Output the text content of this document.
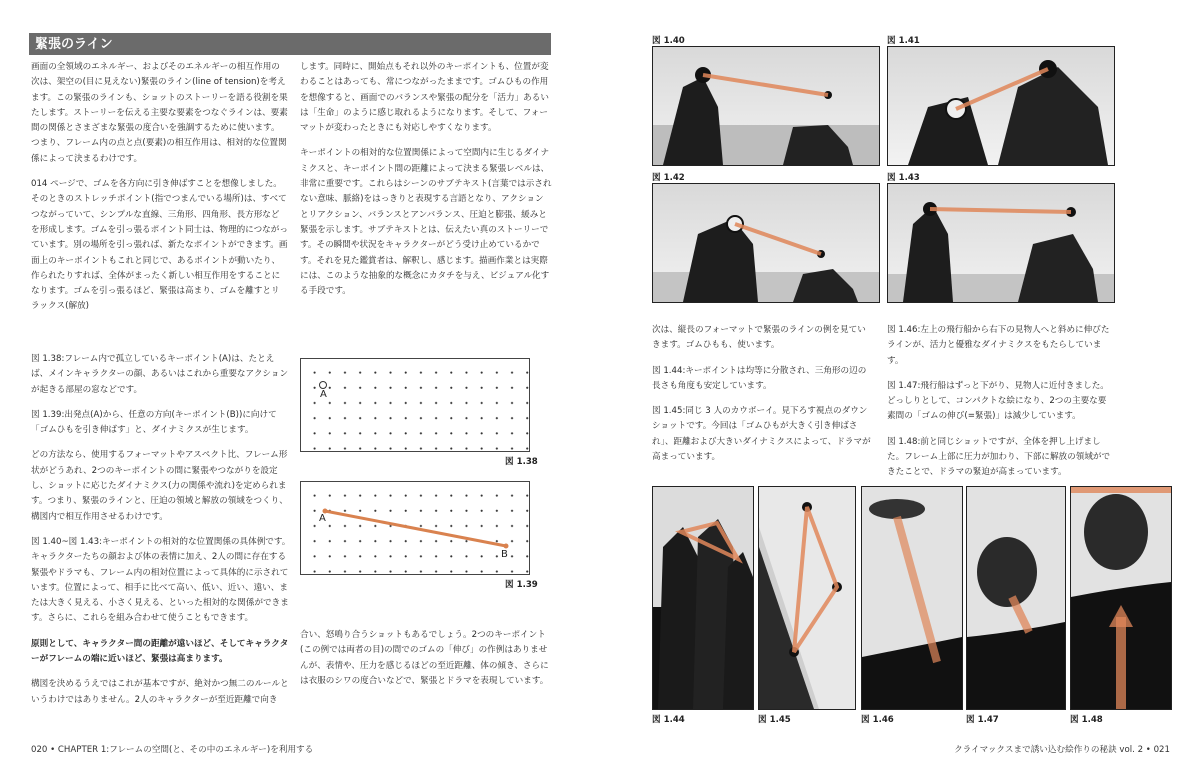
緊張のライン

画面の全領域のエネルギー、およびそのエネルギーの相互作用の次は、架空の(目に見えない)緊張のライン(line of tension)を考えます。この緊張のラインも、ショットのストーリーを語る役割を果たします。ストーリーを伝える主要な要素をつなぐラインは、要素間の関係とさまざまな緊張の度合いを強調するために使います。つまり、フレーム内の点と点(要素)の相互作用は、相対的な位置関係によって決まるわけです。

014 ページで、ゴムを各方向に引き伸ばすことを想像しました。そのときのストレッチポイント(指でつまんでいる場所)は、すべてつながっていて、シンプルな直線、三角形、四角形、長方形などを形成します。ゴムを引っ張るポイント同士は、物理的につながっています。別の場所を引っ張れば、新たなポイントができます。画面上のキーポイントもこれと同じで、あるポイントが動いたり、作られたりすれば、全体がまったく新しい相互作用をすることになります。ゴムを引っ張るほど、緊張は高まり、ゴムを離すとリラックス(解放)

します。同時に、開始点もそれ以外のキーポイントも、位置が変わることはあっても、常につながったままです。ゴムひもの作用を想像すると、画面でのバランスや緊張の配分を「活力」あるいは「生命」のように感じ取れるようになります。そして、フォーマットが変わったときにも対応しやすくなります。

キーポイントの相対的な位置関係によって空間内に生じるダイナミクスと、キーポイント間の距離によって決まる緊張レベルは、非常に重要です。これらはシーンのサブテキスト(言葉では示されない意味、脈絡)をはっきりと表現する言語となり、アクションとリアクション、バランスとアンバランス、圧迫と膨張、緩みと緊張を示します。サブテキストとは、伝えたい真のストーリーです。その瞬間や状況をキャラクターがどう受け止めているかです。それを見た鑑賞者は、解釈し、感じます。描画作業とは実際には、このような抽象的な概念にカタチを与え、ビジュアル化する手段です。

図 1.38:フレーム内で孤立しているキーポイント(A)は、たとえば、メインキャラクターの顔、あるいはこれから重要なアクションが起きる部屋の窓などです。

図 1.39:出発点(A)から、任意の方向(キーポイント(B))に向けて「ゴムひもを引き伸ばす」と、ダイナミクスが生じます。

どの方法なら、使用するフォーマットやアスペクト比、フレーム形状がどうあれ、2つのキーポイントの間に緊張やつながりを設定し、ショットに応じたダイナミクス(力の関係や流れ)を定められます。つまり、緊張のラインと、圧迫の領域と解放の領域をつくり、構図内で相互作用させるわけです。

図 1.40~図 1.43:キーポイントの相対的な位置関係の具体例です。キャラクターたちの顔および体の表情に加え、2人の間に存在する緊張やドラマも、フレーム内の相対位置によって具体的に示されています。位置によって、相手に比べて高い、低い、近い、遠い、または大きく見える、小さく見える、といった相対的な関係ができます。さらに、これらを組み合わせて使うこともできます。

原則として、キャラクター間の距離が遠いほど、そしてキャラクターがフレームの端に近いほど、緊張は高まります。

構図を決めるうえではこれが基本ですが、絶対かつ無二のルールというわけではありません。2人のキャラクターが至近距離で向き

A
図 1.38
A
B
図 1.39

合い、怒鳴り合うショットもあるでしょう。2つのキーポイント(この例では両者の目)の間でのゴムの「伸び」の作例はありませんが、表情や、圧力を感じるほどの至近距離、体の傾き、さらには衣服のシワの度合いなどで、緊張とドラマを表現しています。

020 • CHAPTER 1:フレームの空間(と、その中のエネルギー)を利用する
図 1.40	図 1.41
図 1.42	図 1.43

次は、縦長のフォーマットで緊張のラインの例を見ていきます。ゴムひもも、使います。

図 1.44:キーポイントは均等に分散され、三角形の辺の長さも角度も安定しています。

図 1.45:同じ 3 人のカウボーイ。見下ろす視点のダウンショットです。今回は「ゴムひもが大きく引き伸ばされ」、距離および大きいダイナミクスによって、ドラマが高まっています。

図 1.46:左上の飛行船から右下の見物人へと斜めに伸びたラインが、活力と優雅なダイナミクスをもたらしています。

図 1.47:飛行船はずっと下がり、見物人に近付きました。どっしりとして、コンパクトな絵になり、2つの主要な要素間の「ゴムの伸び(=緊張)」は減少しています。

図 1.48:前と同じショットですが、全体を押し上げました。フレーム上部に圧力が加わり、下部に解放の領域ができたことで、ドラマの緊迫が高まっています。

図 1.44	図 1.45	図 1.46	図 1.47	図 1.48
クライマックスまで誘い込む絵作りの秘訣 vol. 2 • 021
